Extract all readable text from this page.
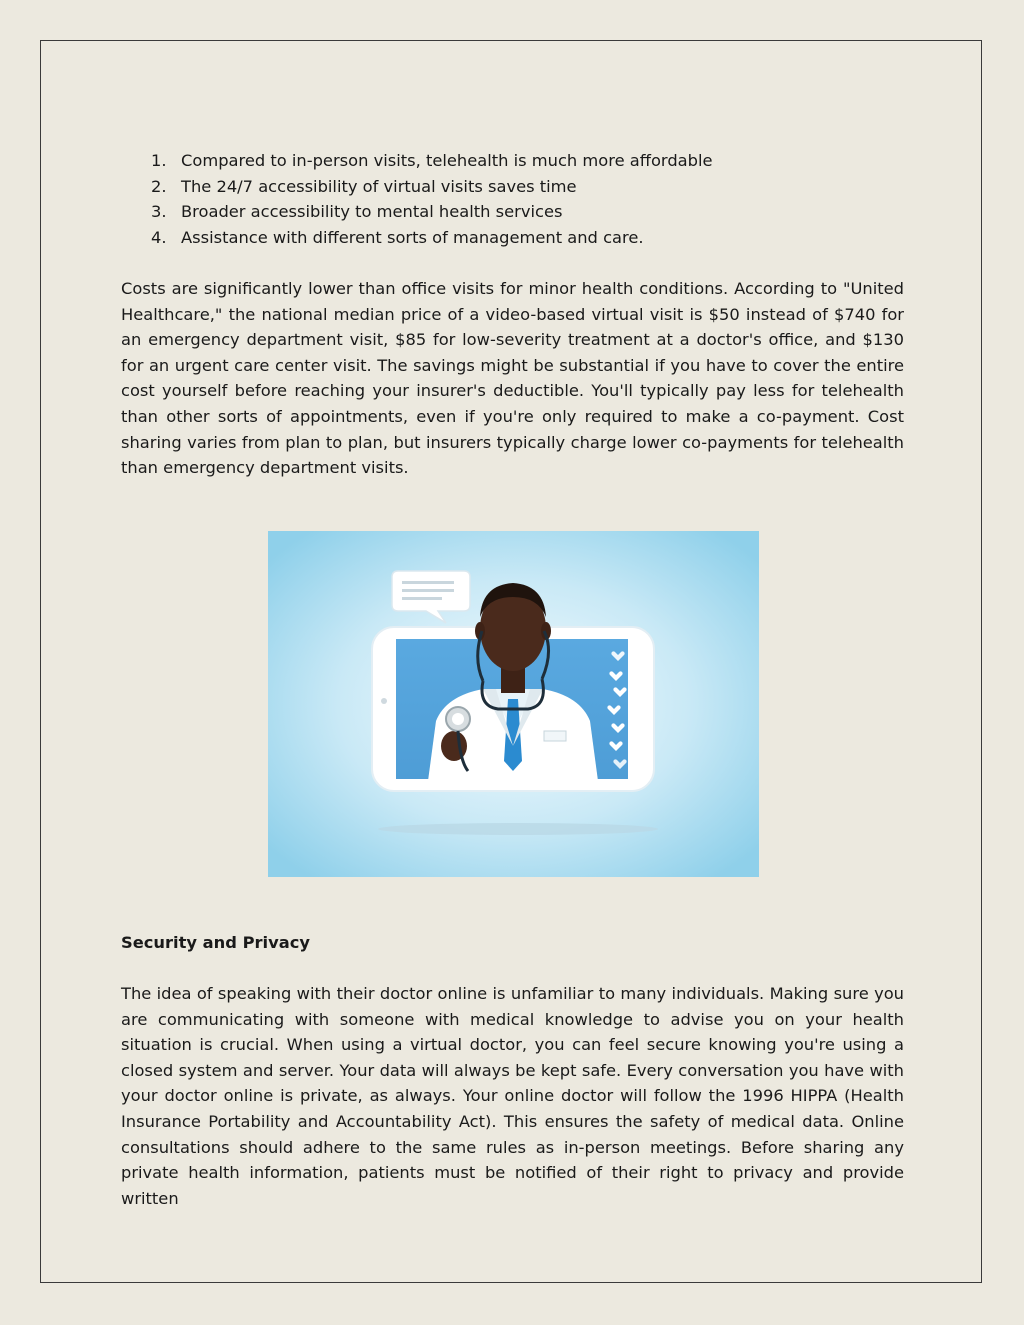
1. Compared to in-person visits, telehealth is much more affordable
2. The 24/7 accessibility of virtual visits saves time
3. Broader accessibility to mental health services
4. Assistance with different sorts of management and care.

Costs are significantly lower than office visits for minor health conditions. According to "United Healthcare," the national median price of a video-based virtual visit is $50 instead of $740 for an emergency department visit, $85 for low-severity treatment at a doctor's office, and $130 for an urgent care center visit. The savings might be substantial if you have to cover the entire cost yourself before reaching your insurer's deductible. You'll typically pay less for telehealth than other sorts of appointments, even if you're only required to make a co-payment. Cost sharing varies from plan to plan, but insurers typically charge lower co-payments for telehealth than emergency department visits.

Security and Privacy

The idea of speaking with their doctor online is unfamiliar to many individuals. Making sure you are communicating with someone with medical knowledge to advise you on your health situation is crucial. When using a virtual doctor, you can feel secure knowing you're using a closed system and server. Your data will always be kept safe. Every conversation you have with your doctor online is private, as always. Your online doctor will follow the 1996 HIPPA (Health Insurance Portability and Accountability Act). This ensures the safety of medical data. Online consultations should adhere to the same rules as in-person meetings. Before sharing any private health information, patients must be notified of their right to privacy and provide written
